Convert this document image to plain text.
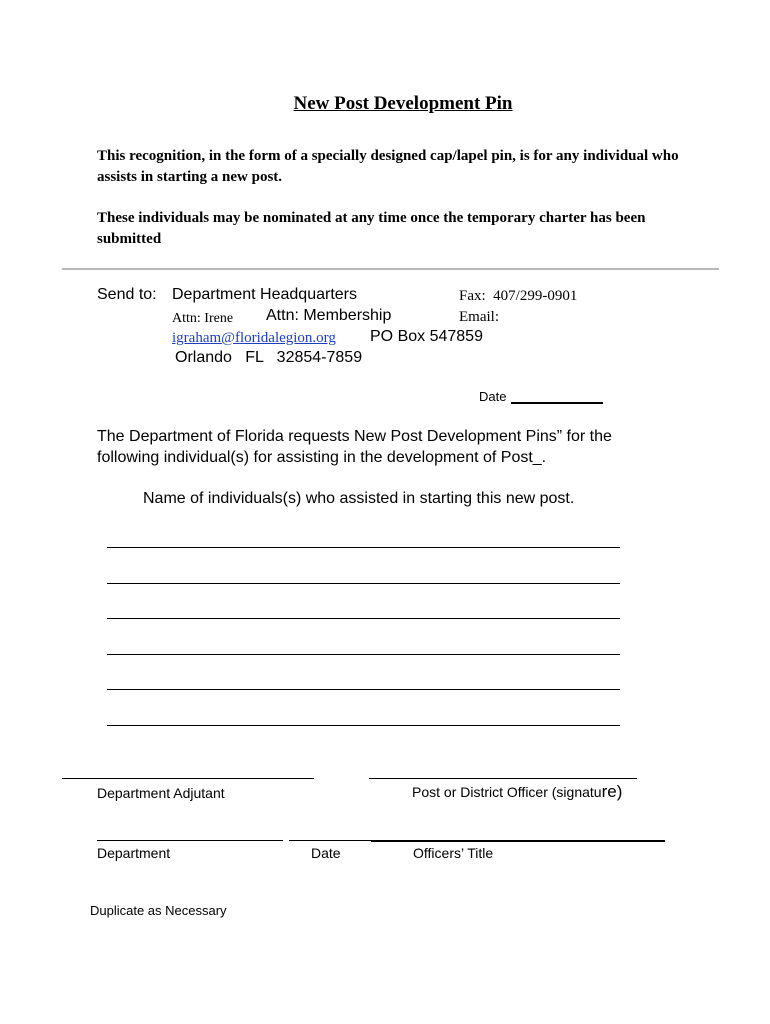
New Post Development Pin
This recognition, in the form of a specially designed cap/lapel pin, is for any individual who assists in starting a new post.
These individuals may be nominated at any time once the temporary charter has been submitted
Send to: Department Headquarters
Attn: Irene Attn: Membership
igraham@floridalegion.org PO Box 547859
Orlando   FL   32854-7859
Fax:  407/299-0901
Email:
Date
The Department of Florida requests New Post Development Pins” for the
following individual(s) for assisting in the development of Post_.
Name of individuals(s) who assisted in starting this new post.
Department Adjutant	Post or District Officer (signature)
Department	Date	Officers’ Title
Duplicate as Necessary
